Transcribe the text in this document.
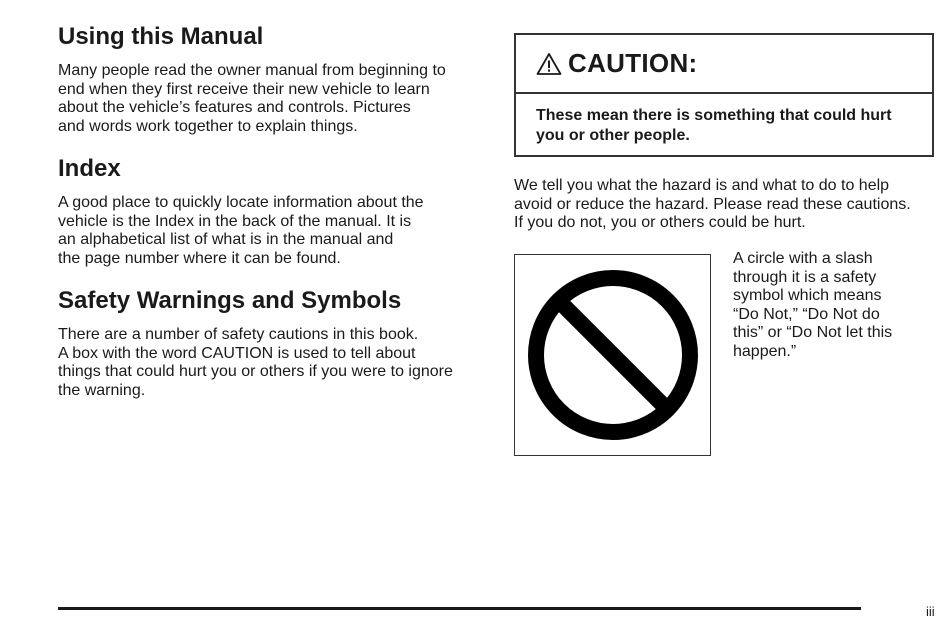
Using this Manual

Many people read the owner manual from beginning to
end when they first receive their new vehicle to learn
about the vehicle’s features and controls. Pictures
and words work together to explain things.

Index

A good place to quickly locate information about the
vehicle is the Index in the back of the manual. It is
an alphabetical list of what is in the manual and
the page number where it can be found.

Safety Warnings and Symbols

There are a number of safety cautions in this book.
A box with the word CAUTION is used to tell about
things that could hurt you or others if you were to ignore
the warning.

CAUTION:
These mean there is something that could hurt
you or other people.

We tell you what the hazard is and what to do to help
avoid or reduce the hazard. Please read these cautions.
If you do not, you or others could be hurt.

A circle with a slash
through it is a safety
symbol which means
“Do Not,” “Do Not do
this” or “Do Not let this
happen.”

iii
